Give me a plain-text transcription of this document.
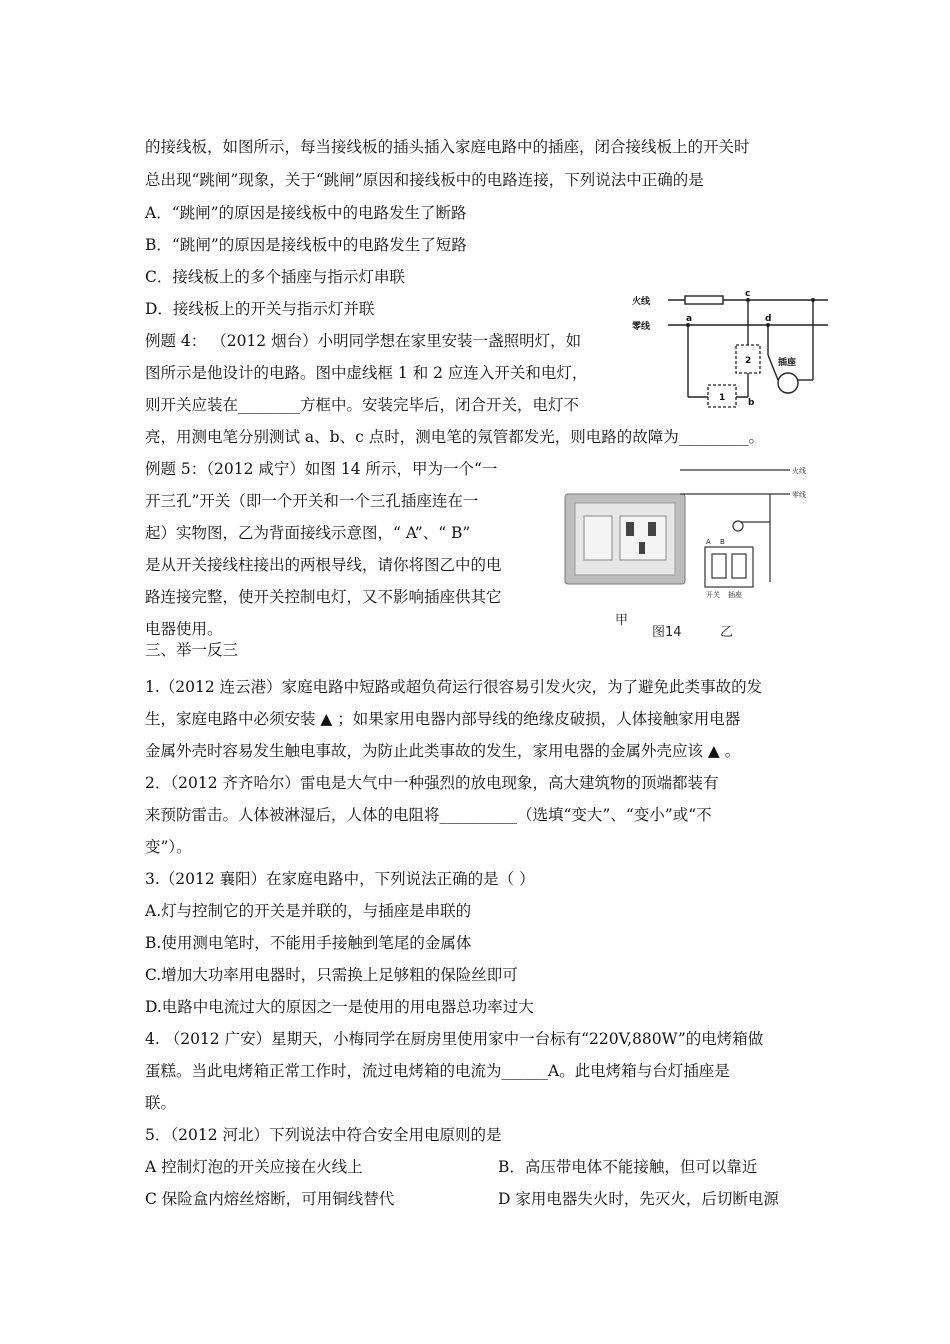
的接线板，如图所示，每当接线板的插头插入家庭电路中的插座，闭合接线板上的开关时
总出现“跳闸”现象，关于“跳闸”原因和接线板中的电路连接，下列说法中正确的是
A．“跳闸”的原因是接线板中的电路发生了断路
B．“跳闸”的原因是接线板中的电路发生了短路
C．接线板上的多个插座与指示灯串联
D．接线板上的开关与指示灯并联
例题 4： （2012 烟台）小明同学想在家里安装一盏照明灯，如
图所示是他设计的电路。图中虚线框 1 和 2 应连入开关和电灯，
则开关应装在________方框中。安装完毕后，闭合开关，电灯不
亮，用测电笔分别测试 a、b、c 点时，测电笔的氖管都发光，则电路的故障为_________。
例题 5：（2012 咸宁）如图 14 所示，甲为一个“一
开三孔”开关（即一个开关和一个三孔插座连在一
起）实物图，乙为背面接线示意图，“ A”、“ B”
是从开关接线柱接出的两根导线，请你将图乙中的电
路连接完整，使开关控制电灯，又不影响插座供其它
电器使用。
三、举一反三
1.（2012 连云港）家庭电路中短路或超负荷运行很容易引发火灾，为了避免此类事故的发
生，家庭电路中必须安装 ▲ ；如果家用电器内部导线的绝缘皮破损，人体接触家用电器
金属外壳时容易发生触电事故，为防止此类事故的发生，家用电器的金属外壳应该 ▲ 。
2．（2012 齐齐哈尔）雷电是大气中一种强烈的放电现象，高大建筑物的顶端都装有
来预防雷击。人体被淋湿后，人体的电阻将__________（选填“变大”、“变小”或“不
变”）。
3.（2012 襄阳）在家庭电路中，下列说法正确的是（ ）
A.灯与控制它的开关是并联的，与插座是串联的
B.使用测电笔时，不能用手接触到笔尾的金属体
C.增加大功率用电器时，只需换上足够粗的保险丝即可
D.电路中电流过大的原因之一是使用的用电器总功率过大
4. （2012 广安）星期天，小梅同学在厨房里使用家中一台标有“220V,880W”的电烤箱做
蛋糕。当此电烤箱正常工作时，流过电烤箱的电流为______A。此电烤箱与台灯插座是
联。
5．（2012 河北）下列说法中符合安全用电原则的是
A 控制灯泡的开关应接在火线上	B．高压带电体不能接触，但可以靠近
C 保险盒内熔丝熔断，可用铜线替代	D 家用电器失火时，先灭火，后切断电源
火线
零线
a
b
c
d
2
1
插座
火线
零线
A B
开关 插座
甲
图14	乙
